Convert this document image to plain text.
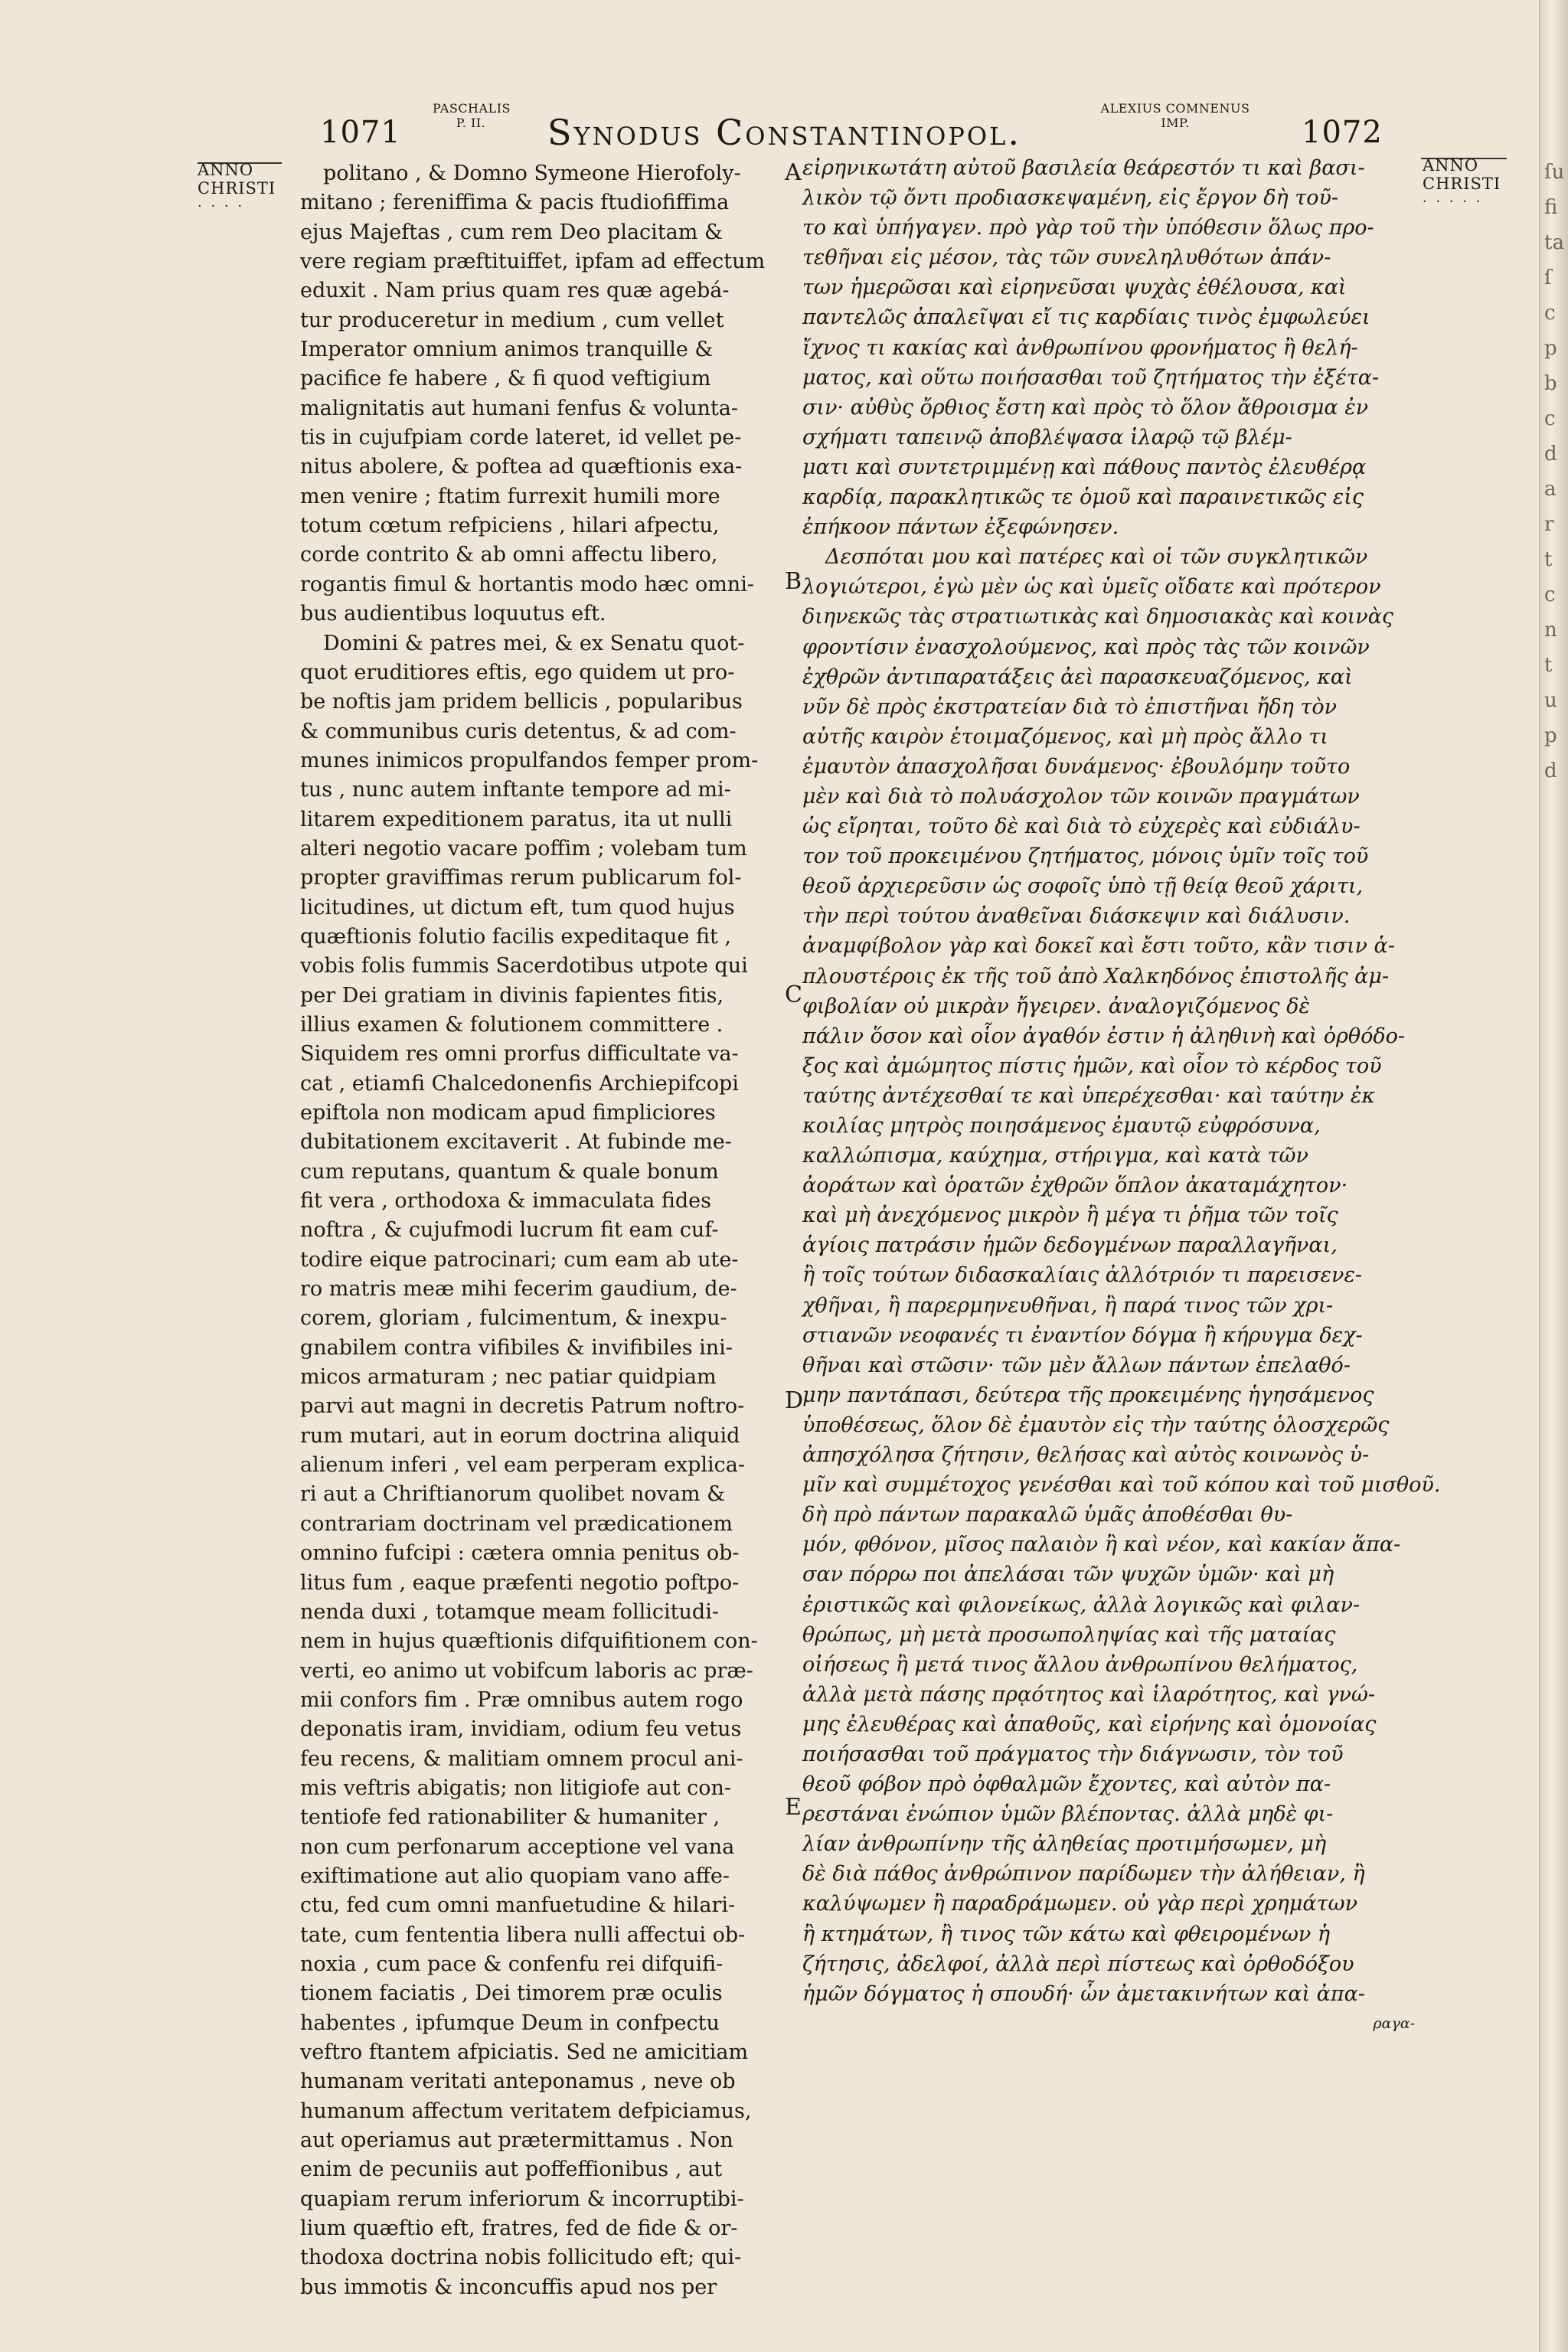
1071
PASCHALIS
P. II.	Synodus Constantinopol.
ALEXIUS COMNENUS
IMP.	1072
ANNO
CHRISTI
· · · ·
ANNO
CHRISTI
· · · · ·
politano , & Domno Symeone Hierofoly-
mitano ; fereniffima & pacis ftudiofiffima
ejus Majeftas , cum rem Deo placitam &
vere regiam præftituiffet, ipfam ad effectum
eduxit . Nam prius quam res quæ agebá-
tur produceretur in medium , cum vellet
Imperator omnium animos tranquille &
pacifice fe habere , & fi quod veftigium
malignitatis aut humani fenfus & volunta-
tis in cujufpiam corde lateret, id vellet pe-
nitus abolere, & poftea ad quæftionis exa-
men venire ; ftatim furrexit humili more
totum cœtum refpiciens , hilari afpectu,
corde contrito & ab omni affectu libero,
rogantis fimul & hortantis modo hæc omni-
bus audientibus loquutus eft.
Domini & patres mei, & ex Senatu quot-
quot eruditiores eftis, ego quidem ut pro-
be noftis jam pridem bellicis , popularibus
& communibus curis detentus, & ad com-
munes inimicos propulfandos femper prom-
tus , nunc autem inftante tempore ad mi-
litarem expeditionem paratus, ita ut nulli
alteri negotio vacare poffim ; volebam tum
propter graviffimas rerum publicarum fol-
licitudines, ut dictum eft, tum quod hujus
quæftionis folutio facilis expeditaque fit ,
vobis folis fummis Sacerdotibus utpote qui
per Dei gratiam in divinis fapientes fitis,
illius examen & folutionem committere .
Siquidem res omni prorfus difficultate va-
cat , etiamfi Chalcedonenfis Archiepifcopi
epiftola non modicam apud fimpliciores
dubitationem excitaverit . At fubinde me-
cum reputans, quantum & quale bonum
fit vera , orthodoxa & immaculata fides
noftra , & cujufmodi lucrum fit eam cuf-
todire eique patrocinari; cum eam ab ute-
ro matris meæ mihi fecerim gaudium, de-
corem, gloriam , fulcimentum, & inexpu-
gnabilem contra vifibiles & invifibiles ini-
micos armaturam ; nec patiar quidpiam
parvi aut magni in decretis Patrum noftro-
rum mutari, aut in eorum doctrina aliquid
alienum inferi , vel eam perperam explica-
ri aut a Chriftianorum quolibet novam &
contrariam doctrinam vel prædicationem
omnino fufcipi : cætera omnia penitus ob-
litus fum , eaque præfenti negotio poftpo-
nenda duxi , totamque meam follicitudi-
nem in hujus quæftionis difquifitionem con-
verti, eo animo ut vobifcum laboris ac præ-
mii confors fim . Præ omnibus autem rogo
deponatis iram, invidiam, odium feu vetus
feu recens, & malitiam omnem procul ani-
mis veftris abigatis; non litigiofe aut con-
tentiofe fed rationabiliter & humaniter ,
non cum perfonarum acceptione vel vana
exiftimatione aut alio quopiam vano affe-
ctu, fed cum omni manfuetudine & hilari-
tate, cum fententia libera nulli affectui ob-
noxia , cum pace & confenfu rei difquifi-
tionem faciatis , Dei timorem præ oculis
habentes , ipfumque Deum in confpectu
veftro ftantem afpiciatis. Sed ne amicitiam
humanam veritati anteponamus , neve ob
humanum affectum veritatem defpiciamus,
aut operiamus aut prætermittamus . Non
enim de pecuniis aut poffeffionibus , aut
quapiam rerum inferiorum & incorruptibi-
lium quæftio eft, fratres, fed de fide & or-
thodoxa doctrina nobis follicitudo eft; qui-
bus immotis & inconcuffis apud nos per
A
B
C
D
E
εἰρηνικωτάτη αὐτοῦ βασιλεία θεάρεστόν τι καὶ βασι-
λικὸν τῷ ὄντι προδιασκεψαμένη, εἰς ἔργον δὴ τοῦ-
το καὶ ὑπήγαγεν. πρὸ γὰρ τοῦ τὴν ὑπόθεσιν ὅλως προ-
τεθῆναι εἰς μέσον, τὰς τῶν συνεληλυθότων ἁπάν-
των ἡμερῶσαι καὶ εἰρηνεῦσαι ψυχὰς ἐθέλουσα, καὶ
παντελῶς ἀπαλεῖψαι εἴ τις καρδίαις τινὸς ἐμφωλεύει
ἴχνος τι κακίας καὶ ἀνθρωπίνου φρονήματος ἢ θελή-
ματος, καὶ οὕτω ποιήσασθαι τοῦ ζητήματος τὴν ἐξέτα-
σιν· αὐθὺς ὄρθιος ἔστη καὶ πρὸς τὸ ὅλον ἄθροισμα ἐν
σχήματι ταπεινῷ ἀποβλέψασα ἱλαρῷ τῷ βλέμ-
ματι καὶ συντετριμμένῃ καὶ πάθους παντὸς ἐλευθέρᾳ
καρδίᾳ, παρακλητικῶς τε ὁμοῦ καὶ παραινετικῶς εἰς
ἐπήκοον πάντων ἐξεφώνησεν.
Δεσπόται μου καὶ πατέρες καὶ οἱ τῶν συγκλητικῶν
λογιώτεροι, ἐγὼ μὲν ὡς καὶ ὑμεῖς οἴδατε καὶ πρότερον
διηνεκῶς τὰς στρατιωτικὰς καὶ δημοσιακὰς καὶ κοινὰς
φροντίσιν ἐνασχολούμενος, καὶ πρὸς τὰς τῶν κοινῶν
ἐχθρῶν ἀντιπαρατάξεις ἀεὶ παρασκευαζόμενος, καὶ
νῦν δὲ πρὸς ἐκστρατείαν διὰ τὸ ἐπιστῆναι ἤδη τὸν
αὐτῆς καιρὸν ἑτοιμαζόμενος, καὶ μὴ πρὸς ἄλλο τι
ἐμαυτὸν ἀπασχολῆσαι δυνάμενος· ἐβουλόμην τοῦτο
μὲν καὶ διὰ τὸ πολυάσχολον τῶν κοινῶν πραγμάτων
ὡς εἴρηται, τοῦτο δὲ καὶ διὰ τὸ εὐχερὲς καὶ εὐδιάλυ-
τον τοῦ προκειμένου ζητήματος, μόνοις ὑμῖν τοῖς τοῦ
θεοῦ ἀρχιερεῦσιν ὡς σοφοῖς ὑπὸ τῇ θείᾳ θεοῦ χάριτι,
τὴν περὶ τούτου ἀναθεῖναι διάσκεψιν καὶ διάλυσιν.
ἀναμφίβολον γὰρ καὶ δοκεῖ καὶ ἔστι τοῦτο, κἂν τισιν ἁ-
πλουστέροις ἐκ τῆς τοῦ ἀπὸ Χαλκηδόνος ἐπιστολῆς ἀμ-
φιβολίαν οὐ μικρὰν ἤγειρεν. ἀναλογιζόμενος δὲ
πάλιν ὅσον καὶ οἷον ἀγαθόν ἐστιν ἡ ἀληθινὴ καὶ ὀρθόδο-
ξος καὶ ἀμώμητος πίστις ἡμῶν, καὶ οἷον τὸ κέρδος τοῦ
ταύτης ἀντέχεσθαί τε καὶ ὑπερέχεσθαι· καὶ ταύτην ἐκ
κοιλίας μητρὸς ποιησάμενος ἐμαυτῷ εὐφρόσυνα,
καλλώπισμα, καύχημα, στήριγμα, καὶ κατὰ τῶν
ἀοράτων καὶ ὁρατῶν ἐχθρῶν ὅπλον ἀκαταμάχητον·
καὶ μὴ ἀνεχόμενος μικρὸν ἢ μέγα τι ῥῆμα τῶν τοῖς
ἁγίοις πατράσιν ἡμῶν δεδογμένων παραλλαγῆναι,
ἢ τοῖς τούτων διδασκαλίαις ἀλλότριόν τι παρεισενε-
χθῆναι, ἢ παρερμηνευθῆναι, ἢ παρά τινος τῶν χρι-
στιανῶν νεοφανές τι ἐναντίον δόγμα ἢ κήρυγμα δεχ-
θῆναι καὶ στῶσιν· τῶν μὲν ἄλλων πάντων ἐπελαθό-
μην παντάπασι, δεύτερα τῆς προκειμένης ἡγησάμενος
ὑποθέσεως, ὅλον δὲ ἐμαυτὸν εἰς τὴν ταύτης ὁλοσχερῶς
ἀπησχόλησα ζήτησιν, θελήσας καὶ αὐτὸς κοινωνὸς ὑ-
μῖν καὶ συμμέτοχος γενέσθαι καὶ τοῦ κόπου καὶ τοῦ μισθοῦ.
δὴ πρὸ πάντων παρακαλῶ ὑμᾶς ἀποθέσθαι θυ-
μόν, φθόνον, μῖσος παλαιὸν ἢ καὶ νέον, καὶ κακίαν ἅπα-
σαν πόρρω ποι ἀπελάσαι τῶν ψυχῶν ὑμῶν· καὶ μὴ
ἐριστικῶς καὶ φιλονείκως, ἀλλὰ λογικῶς καὶ φιλαν-
θρώπως, μὴ μετὰ προσωποληψίας καὶ τῆς ματαίας
οἰήσεως ἢ μετά τινος ἄλλου ἀνθρωπίνου θελήματος,
ἀλλὰ μετὰ πάσης πρᾳότητος καὶ ἱλαρότητος, καὶ γνώ-
μης ἐλευθέρας καὶ ἀπαθοῦς, καὶ εἰρήνης καὶ ὁμονοίας
ποιήσασθαι τοῦ πράγματος τὴν διάγνωσιν, τὸν τοῦ
θεοῦ φόβον πρὸ ὀφθαλμῶν ἔχοντες, καὶ αὐτὸν πα-
ρεστάναι ἐνώπιον ὑμῶν βλέποντας. ἀλλὰ μηδὲ φι-
λίαν ἀνθρωπίνην τῆς ἀληθείας προτιμήσωμεν, μὴ
δὲ διὰ πάθος ἀνθρώπινον παρίδωμεν τὴν ἀλήθειαν, ἢ
καλύψωμεν ἢ παραδράμωμεν. οὐ γὰρ περὶ χρημάτων
ἢ κτημάτων, ἢ τινος τῶν κάτω καὶ φθειρομένων ἡ
ζήτησις, ἀδελφοί, ἀλλὰ περὶ πίστεως καὶ ὀρθοδόξου
ἡμῶν δόγματος ἡ σπουδή· ὧν ἀμετακινήτων καὶ ἀπα-
ραγα-
ſu
fi
ta
ſ
c
p
b
c
d
a
r
t
c
n
t
u
p
d
